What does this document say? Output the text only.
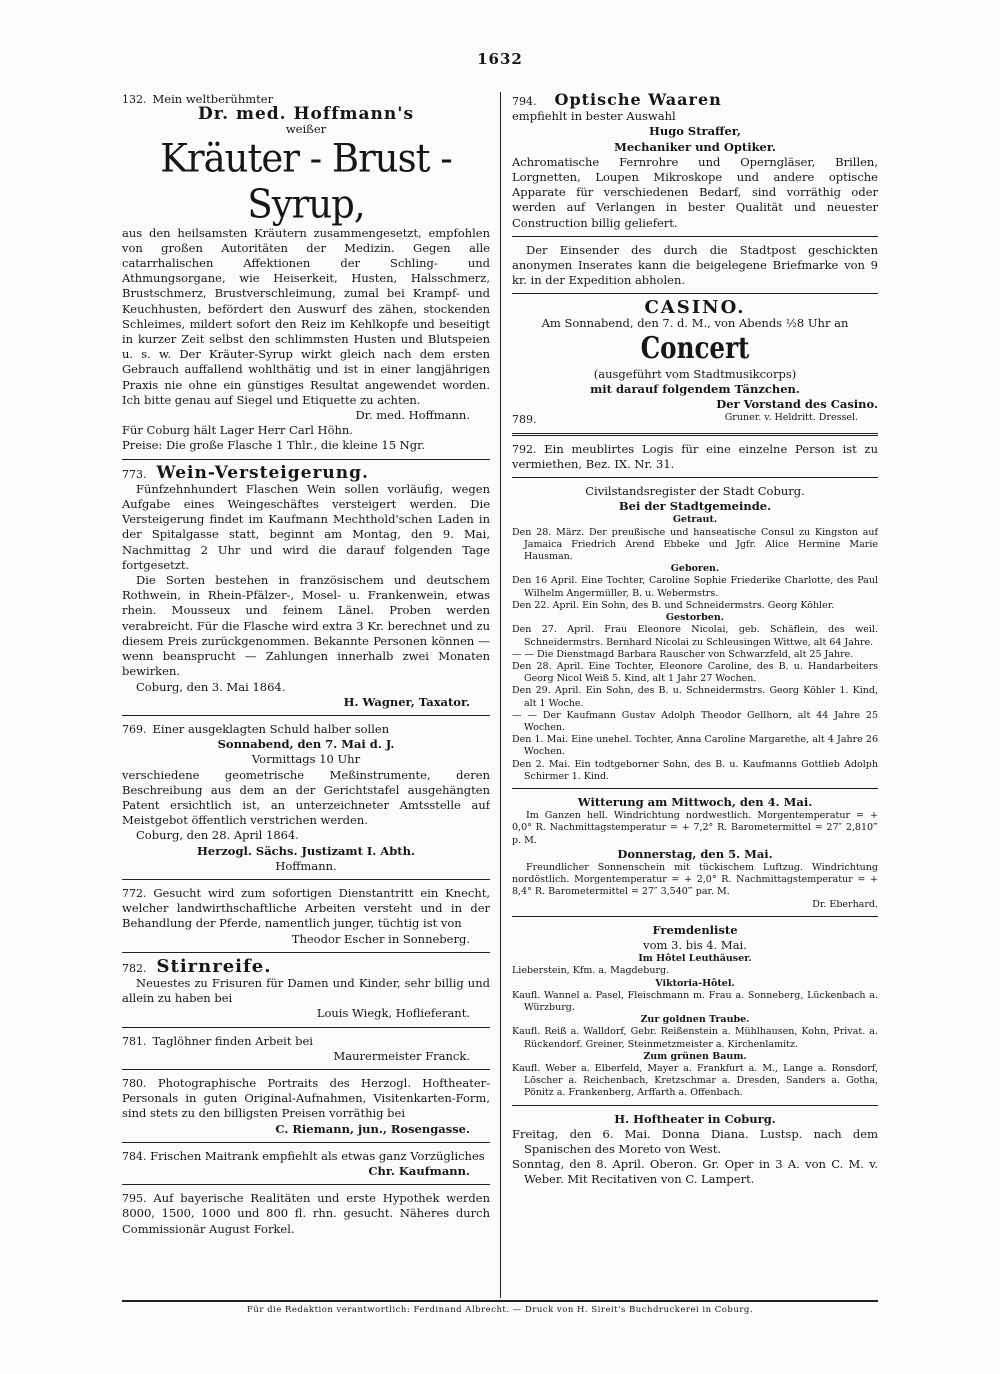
1632
132. Mein weltberühmter
Dr. med. Hoffmann's
weißer
Kräuter - Brust - Syrup,

aus den heilsamsten Kräutern zusammengesetzt, empfohlen von großen Autoritäten der Medizin. Gegen alle catarrhalischen Affektionen der Schling- und Athmungsorgane, wie Heiserkeit, Husten, Halsschmerz, Brustschmerz, Brustverschleimung, zumal bei Krampf- und Keuchhusten, befördert den Auswurf des zähen, stockenden Schleimes, mildert sofort den Reiz im Kehlkopfe und beseitigt in kurzer Zeit selbst den schlimmsten Husten und Blutspeien u. s. w. Der Kräuter-Syrup wirkt gleich nach dem ersten Gebrauch auffallend wohlthätig und ist in einer langjährigen Praxis nie ohne ein günstiges Resultat angewendet worden. Ich bitte genau auf Siegel und Etiquette zu achten.

Dr. med. Hoffmann.
Für Coburg hält Lager Herr Carl Höhn.
Preise: Die große Flasche 1 Thlr., die kleine 15 Ngr.
773. Wein-Versteigerung.

Fünfzehnhundert Flaschen Wein sollen vorläufig, wegen Aufgabe eines Weingeschäftes versteigert werden. Die Versteigerung findet im Kaufmann Mechthold'schen Laden in der Spitalgasse statt, beginnt am Montag, den 9. Mai, Nachmittag 2 Uhr und wird die darauf folgenden Tage fortgesetzt.

Die Sorten bestehen in französischem und deutschem Rothwein, in Rhein-Pfälzer-, Mosel- u. Frankenwein, etwas rhein. Mousseux und feinem Länel. Proben werden verabreicht. Für die Flasche wird extra 3 Kr. berechnet und zu diesem Preis zurückgenommen. Bekannte Personen können — wenn beansprucht — Zahlungen innerhalb zwei Monaten bewirken.

Coburg, den 3. Mai 1864.
H. Wagner, Taxator.
769. Einer ausgeklagten Schuld halber sollen
Sonnabend, den 7. Mai d. J.
Vormittags 10 Uhr

verschiedene geometrische Meßinstrumente, deren Beschreibung aus dem an der Gerichtstafel ausgehängten Patent ersichtlich ist, an unterzeichneter Amtsstelle auf Meistgebot öffentlich verstrichen werden.

Coburg, den 28. April 1864.
Herzogl. Sächs. Justizamt I. Abth.
Hoffmann.

772. Gesucht wird zum sofortigen Dienstantritt ein Knecht, welcher landwirthschaftliche Arbeiten versteht und in der Behandlung der Pferde, namentlich junger, tüchtig ist von

Theodor Escher in Sonneberg.
782. Stirnreife.

Neuestes zu Frisuren für Damen und Kinder, sehr billig und allein zu haben bei

Louis Wiegk, Hoflieferant.
781. Taglöhner finden Arbeit bei
Maurermeister Franck.

780. Photographische Portraits des Herzogl. Hoftheater-Personals in guten Original-Aufnahmen, Visitenkarten-Form, sind stets zu den billigsten Preisen vorräthig bei

C. Riemann, jun., Rosengasse.

784. Frischen Maitrank empfiehlt als etwas ganz Vorzügliches

Chr. Kaufmann.

795. Auf bayerische Realitäten und erste Hypothek werden 8000, 1500, 1000 und 800 fl. rhn. gesucht. Näheres durch Commissionär August Forkel.

794. Optische Waaren
empfiehlt in bester Auswahl
Hugo Straffer,
Mechaniker und Optiker.

Achromatische Fernrohre und Operngläser, Brillen, Lorgnetten, Loupen Mikroskope und andere optische Apparate für verschiedenen Bedarf, sind vorräthig oder werden auf Verlangen in bester Qualität und neuester Construction billig geliefert.

Der Einsender des durch die Stadtpost geschickten anonymen Inserates kann die beigelegene Briefmarke von 9 kr. in der Expedition abholen.

CASINO.
Am Sonnabend, den 7. d. M., von Abends ½8 Uhr an
Concert
(ausgeführt vom Stadtmusikcorps)
mit darauf folgendem Tänzchen.
Der Vorstand des Casino.
789.	Gruner. v. Heldritt. Dressel.

792. Ein meublirtes Logis für eine einzelne Person ist zu vermiethen, Bez. IX. Nr. 31.

Civilstandsregister der Stadt Coburg.
Bei der Stadtgemeinde.
Getraut.

Den 28. März. Der preußische und hanseatische Consul zu Kingston auf Jamaica Friedrich Arend Ebbeke und Jgfr. Alice Hermine Marie Hausman.

Geboren.

Den 16 April. Eine Tochter, Caroline Sophie Friederike Charlotte, des Paul Wilhelm Angermüller, B. u. Webermstrs.

Den 22. April. Ein Sohn, des B. und Schneidermstrs. Georg Köhler.

Gestorben.

Den 27. April. Frau Eleonore Nicolai, geb. Schäflein, des weil. Schneidermstrs. Bernhard Nicolai zu Schleusingen Wittwe, alt 64 Jahre.

— — Die Dienstmagd Barbara Rauscher von Schwarzfeld, alt 25 Jahre.

Den 28. April. Eine Tochter, Eleonore Caroline, des B. u. Handarbeiters Georg Nicol Weiß 5. Kind, alt 1 Jahr 27 Wochen.

Den 29. April. Ein Sohn, des B. u. Schneidermstrs. Georg Köhler 1. Kind, alt 1 Woche.

— — Der Kaufmann Gustav Adolph Theodor Gellhorn, alt 44 Jahre 25 Wochen.

Den 1. Mai. Eine unehel. Tochter, Anna Caroline Margarethe, alt 4 Jahre 26 Wochen.

Den 2. Mai. Ein todtgeborner Sohn, des B. u. Kaufmanns Gottlieb Adolph Schirmer 1. Kind.

Witterung am Mittwoch, den 4. Mai.

Im Ganzen hell. Windrichtung nordwestlich. Morgentemperatur = + 0,0° R. Nachmittagstemperatur = + 7,2° R. Barometermittel = 27″ 2,810‴ p. M.

Donnerstag, den 5. Mai.

Freundlicher Sonnenschein mit tückischem Luftzug. Windrichtung nordöstlich. Morgentemperatur = + 2,0° R. Nachmittagstemperatur = + 8,4° R. Barometermittel = 27″ 3,540‴ par. M.

Dr. Eberhard.
Fremdenliste
vom 3. bis 4. Mai.
Im Hôtel Leuthäuser.

Lieberstein, Kfm. a. Magdeburg.

Viktoria-Hôtel.

Kaufl. Wannel a. Pasel, Fleischmann m. Frau a. Sonneberg, Lückenbach a. Würzburg.

Zur goldnen Traube.

Kaufl. Reiß a. Walldorf, Gebr. Reißenstein a. Mühlhausen, Kohn, Privat. a. Rückendorf. Greiner, Steinmetzmeister a. Kirchenlamitz.

Zum grünen Baum.

Kaufl. Weber a. Elberfeld, Mayer a. Frankfurt a. M., Lange a. Ronsdorf, Löscher a. Reichenbach, Kretzschmar a. Dresden, Sanders a. Gotha, Pönitz a. Frankenberg, Arffarth a. Offenbach.

H. Hoftheater in Coburg.

Freitag, den 6. Mai. Donna Diana. Lustsp. nach dem Spanischen des Moreto von West.

Sonntag, den 8. April. Oberon. Gr. Oper in 3 A. von C. M. v. Weber. Mit Recitativen von C. Lampert.

Für die Redaktion verantwortlich: Ferdinand Albrecht. — Druck von H. Sireit's Buchdruckerei in Coburg.
